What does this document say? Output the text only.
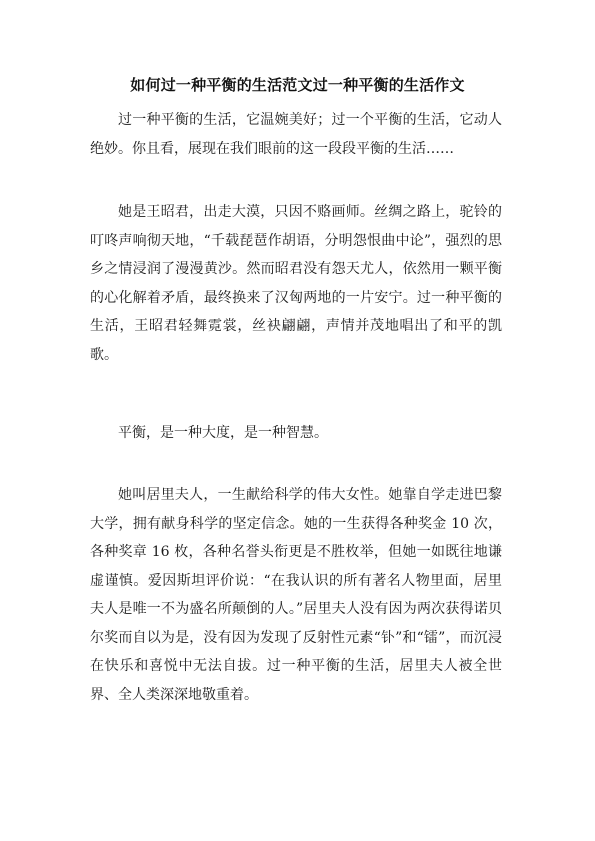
如何过一种平衡的生活范文过一种平衡的生活作文

过一种平衡的生活，它温婉美好；过一个平衡的生活，它动人绝妙。你且看，展现在我们眼前的这一段段平衡的生活……

她是王昭君，出走大漠，只因不赂画师。丝绸之路上，驼铃的叮咚声响彻天地，“千载琵琶作胡语，分明怨恨曲中论”，强烈的思乡之情浸润了漫漫黄沙。然而昭君没有怨天尤人，依然用一颗平衡的心化解着矛盾，最终换来了汉匈两地的一片安宁。过一种平衡的生活，王昭君轻舞霓裳，丝袂翩翩，声情并茂地唱出了和平的凯歌。

平衡，是一种大度，是一种智慧。

她叫居里夫人，一生献给科学的伟大女性。她靠自学走进巴黎大学，拥有献身科学的坚定信念。她的一生获得各种奖金 10 次，各种奖章 16 枚，各种名誉头衔更是不胜枚举，但她一如既往地谦虚谨慎。爱因斯坦评价说：“在我认识的所有著名人物里面，居里夫人是唯一不为盛名所颠倒的人。”居里夫人没有因为两次获得诺贝尔奖而自以为是，没有因为发现了反射性元素“钋”和“镭”，而沉浸在快乐和喜悦中无法自拔。过一种平衡的生活，居里夫人被全世界、全人类深深地敬重着。
